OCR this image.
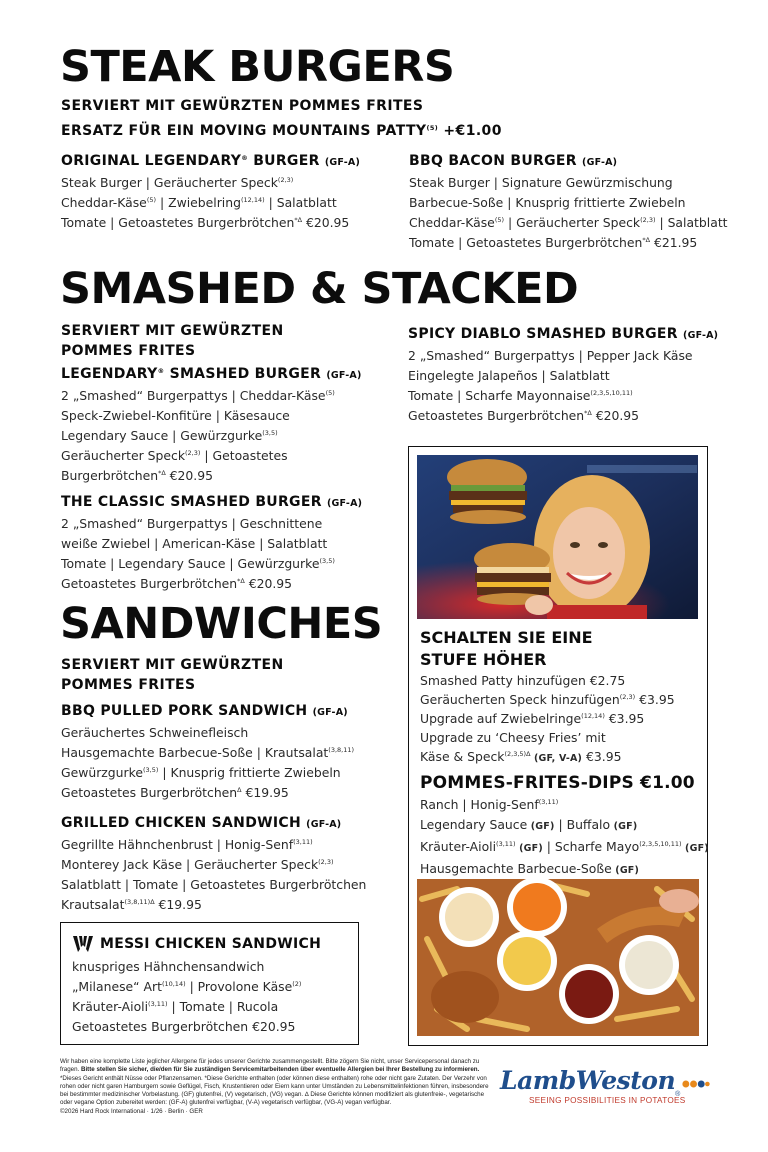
STEAK BURGERS
SERVIERT MIT GEWÜRZTEN POMMES FRITES
ERSATZ FÜR EIN MOVING MOUNTAINS $PATTY^{(5)}$ +€1.00
ORIGINAL LEGENDARY® BURGER (GF-A)
Steak Burger | Geräucherter Speck$^{(2,3)}$
Cheddar-Käse$^{(5)}$ | Zwiebelring$^{(12,14)}$ | Salatblatt
Tomate | Getoastetes Burgerbrötchen*∆ €20.95
BBQ BACON BURGER (GF-A)
Steak Burger | Signature Gewürzmischung
Barbecue-Soße | Knusprig frittierte Zwiebeln
Cheddar-Käse$^{(5)}$ | Geräucherter Speck$^{(2,3)}$ | Salatblatt
Tomate | Getoastetes Burgerbrötchen*∆ €21.95
SMASHED & STACKED
SERVIERT MIT GEWÜRZTEN
POMMES FRITES
LEGENDARY® SMASHED BURGER (GF-A)
2 „Smashed“ Burgerpattys | Cheddar-Käse$^{(5)}$
Speck-Zwiebel-Konfitüre | Käsesauce
Legendary Sauce | Gewürzgurke$^{(3,5)}$
Geräucherter Speck$^{(2,3)}$ | Getoastetes
Burgerbrötchen*∆ €20.95
THE CLASSIC SMASHED BURGER (GF-A)
2 „Smashed“ Burgerpattys | Geschnittene
weiße Zwiebel | American-Käse | Salatblatt
Tomate | Legendary Sauce | Gewürzgurke$^{(3,5)}$
Getoastetes Burgerbrötchen*∆ €20.95
SPICY DIABLO SMASHED BURGER (GF-A)
2 „Smashed“ Burgerpattys | Pepper Jack Käse
Eingelegte Jalapeños | Salatblatt
Tomate | Scharfe Mayonnaise$^{(2,3,5,10,11)}$
Getoastetes Burgerbrötchen*∆ €20.95
SANDWICHES
SERVIERT MIT GEWÜRZTEN
POMMES FRITES
BBQ PULLED PORK SANDWICH (GF-A)
Geräuchertes Schweinefleisch
Hausgemachte Barbecue-Soße | Krautsalat$^{(3,8,11)}$
Gewürzgurke$^{(3,5)}$ | Knusprig frittierte Zwiebeln
Getoastetes Burgerbrötchen∆ €19.95
GRILLED CHICKEN SANDWICH (GF-A)
Gegrillte Hähnchenbrust | Honig-Senf$^{(3,11)}$
Monterey Jack Käse | Geräucherter Speck$^{(2,3)}$
Salatblatt | Tomate | Getoastetes Burgerbrötchen
Krautsalat$^{(3,8,11)\Delta}$ €19.95
MESSI CHICKEN SANDWICH
knuspriges Hähnchensandwich
„Milanese“ Art$^{(10,14)}$ | Provolone Käse$^{(2)}$
Kräuter-Aioli$^{(3,11)}$ | Tomate | Rucola
Getoastetes Burgerbrötchen €20.95
SCHALTEN SIE EINE
STUFE HÖHER
Smashed Patty hinzufügen €2.75
Geräucherten Speck hinzufügen$^{(2,3)}$ €3.95
Upgrade auf Zwiebelringe$^{(12,14)}$ €3.95
Upgrade zu ‘Cheesy Fries’ mit
Käse & Speck$^{(2,3,5)\Delta}$ (GF, V-A) €3.95
POMMES-FRITES-DIPS €1.00
Ranch | Honig-Senf$^{(3,11)}$
Legendary Sauce (GF) | Buffalo (GF)
Kräuter-Aioli$^{(3,11)}$ (GF) | Scharfe Mayo$^{(2,3,5,10,11)}$ (GF)
Hausgemachte Barbecue-Soße (GF)
Wir haben eine komplette Liste jeglicher Allergene für jedes unserer Gerichte zusammengestellt. Bitte zögern Sie nicht, unser Servicepersonal danach zu fragen. Bitte stellen Sie sicher, die/den für Sie zuständigen Servicemitarbeitenden über eventuelle Allergien bei Ihrer Bestellung zu informieren. *Dieses Gericht enthält Nüsse oder Pflanzensamen. *Diese Gerichte enthalten (oder können diese enthalten) rohe oder nicht gare Zutaten. Der Verzehr von rohen oder nicht garen Hamburgern sowie Geflügel, Fisch, Krustentieren oder Eiern kann unter Umständen zu Lebensmittelinfektionen führen, insbesondere bei bestimmter medizinischer Vorbelastung. (GF) glutenfrei, (V) vegetarisch, (VG) vegan. ∆ Diese Gerichte können modifiziert als glutenfreie-, vegetarische oder vegane Option zubereitet werden: (GF-A) glutenfrei verfügbar, (V-A) vegetarisch verfügbar, (VG-A) vegan verfügbar.
©2026 Hard Rock International · 1/26 · Berlin · GER
LambWeston ®
SEEING POSSIBILITIES IN POTATOES
